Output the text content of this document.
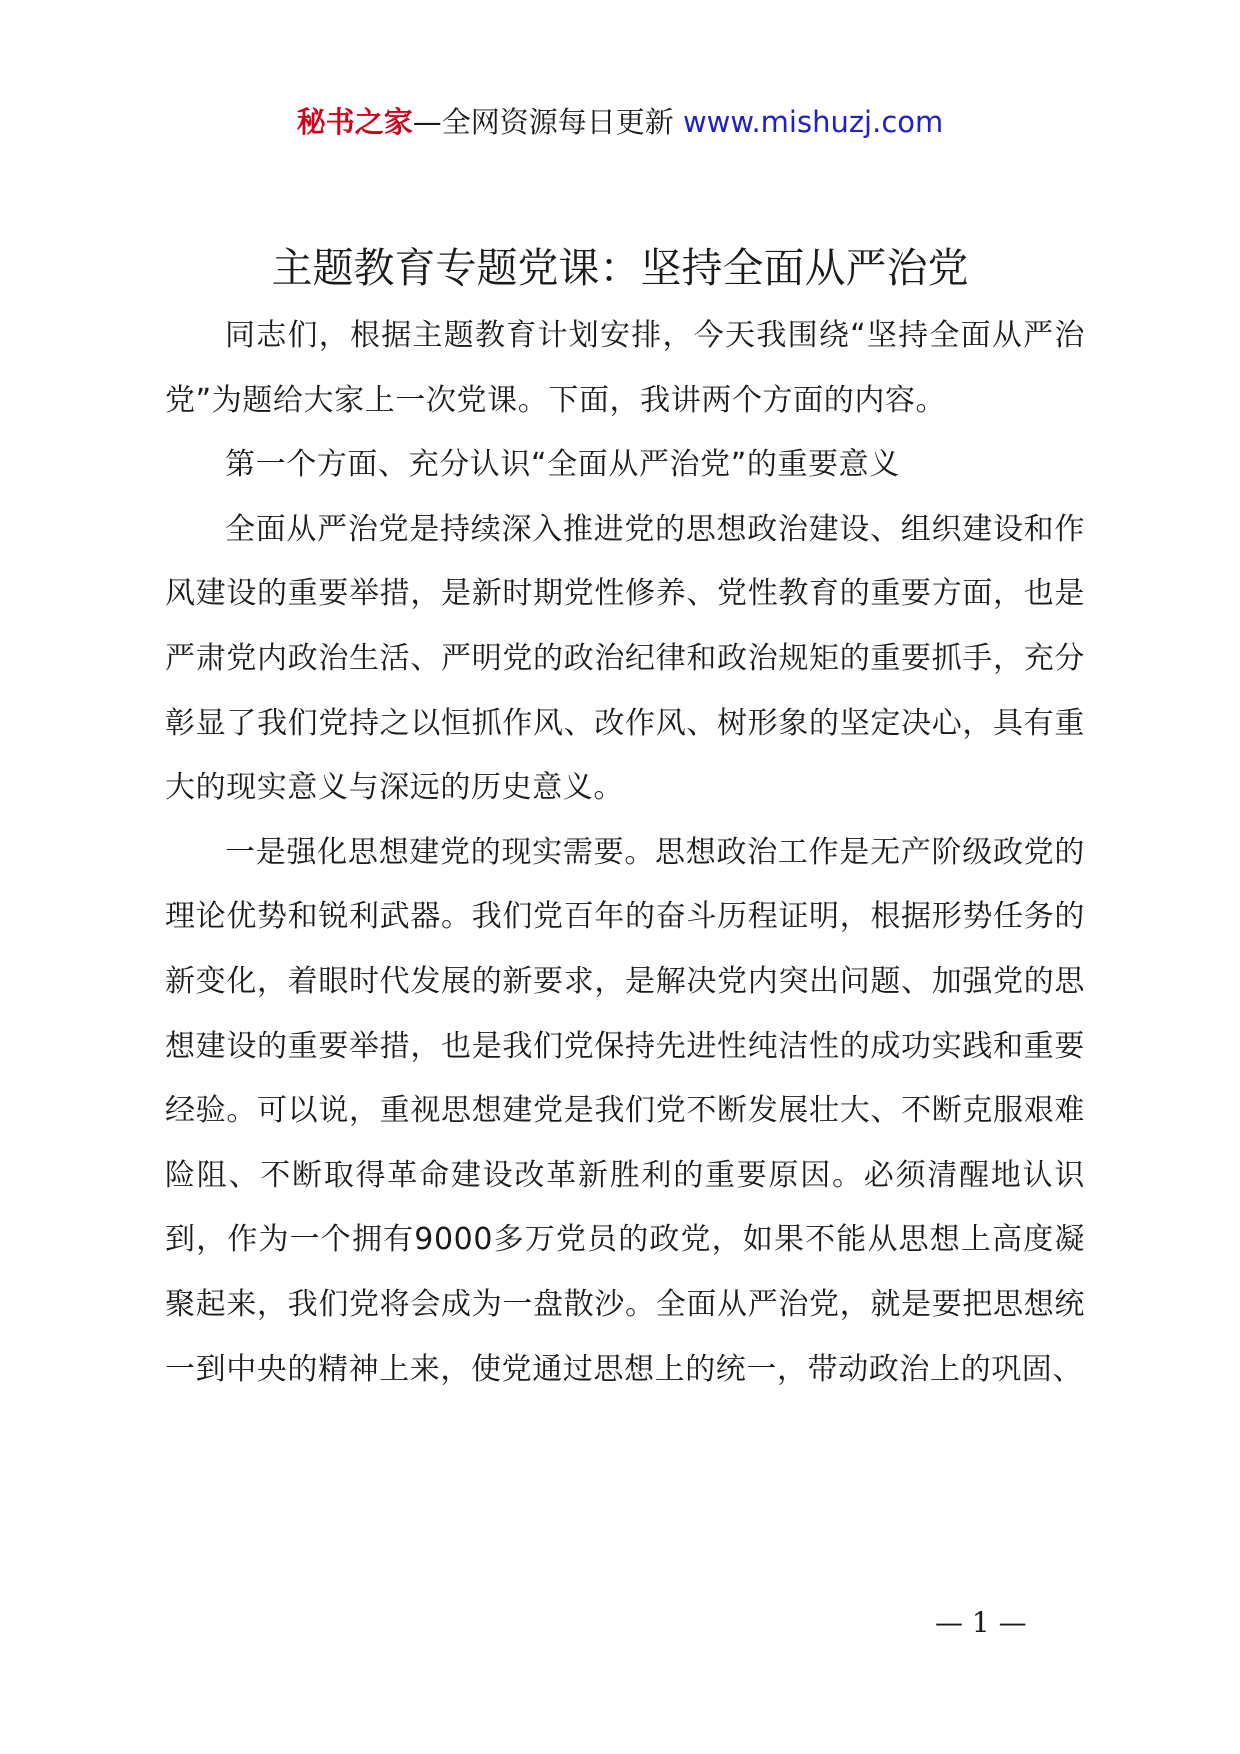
秘书之家—全网资源每日更新 www.mishuzj.com
主题教育专题党课：坚持全面从严治党

同志们，根据主题教育计划安排，今天我围绕“坚持全面从严治党”为题给大家上一次党课。下面，我讲两个方面的内容。

第一个方面、充分认识“全面从严治党”的重要意义

全面从严治党是持续深入推进党的思想政治建设、组织建设和作风建设的重要举措，是新时期党性修养、党性教育的重要方面，也是严肃党内政治生活、严明党的政治纪律和政治规矩的重要抓手，充分彰显了我们党持之以恒抓作风、改作风、树形象的坚定决心，具有重大的现实意义与深远的历史意义。

一是强化思想建党的现实需要。思想政治工作是无产阶级政党的理论优势和锐利武器。我们党百年的奋斗历程证明，根据形势任务的新变化，着眼时代发展的新要求，是解决党内突出问题、加强党的思想建设的重要举措，也是我们党保持先进性纯洁性的成功实践和重要经验。可以说，重视思想建党是我们党不断发展壮大、不断克服艰难险阻、不断取得革命建设改革新胜利的重要原因。必须清醒地认识到，作为一个拥有9000多万党员的政党，如果不能从思想上高度凝聚起来，我们党将会成为一盘散沙。全面从严治党，就是要把思想统一到中央的精神上来，使党通过思想上的统一，带动政治上的巩固、

— 1 —
